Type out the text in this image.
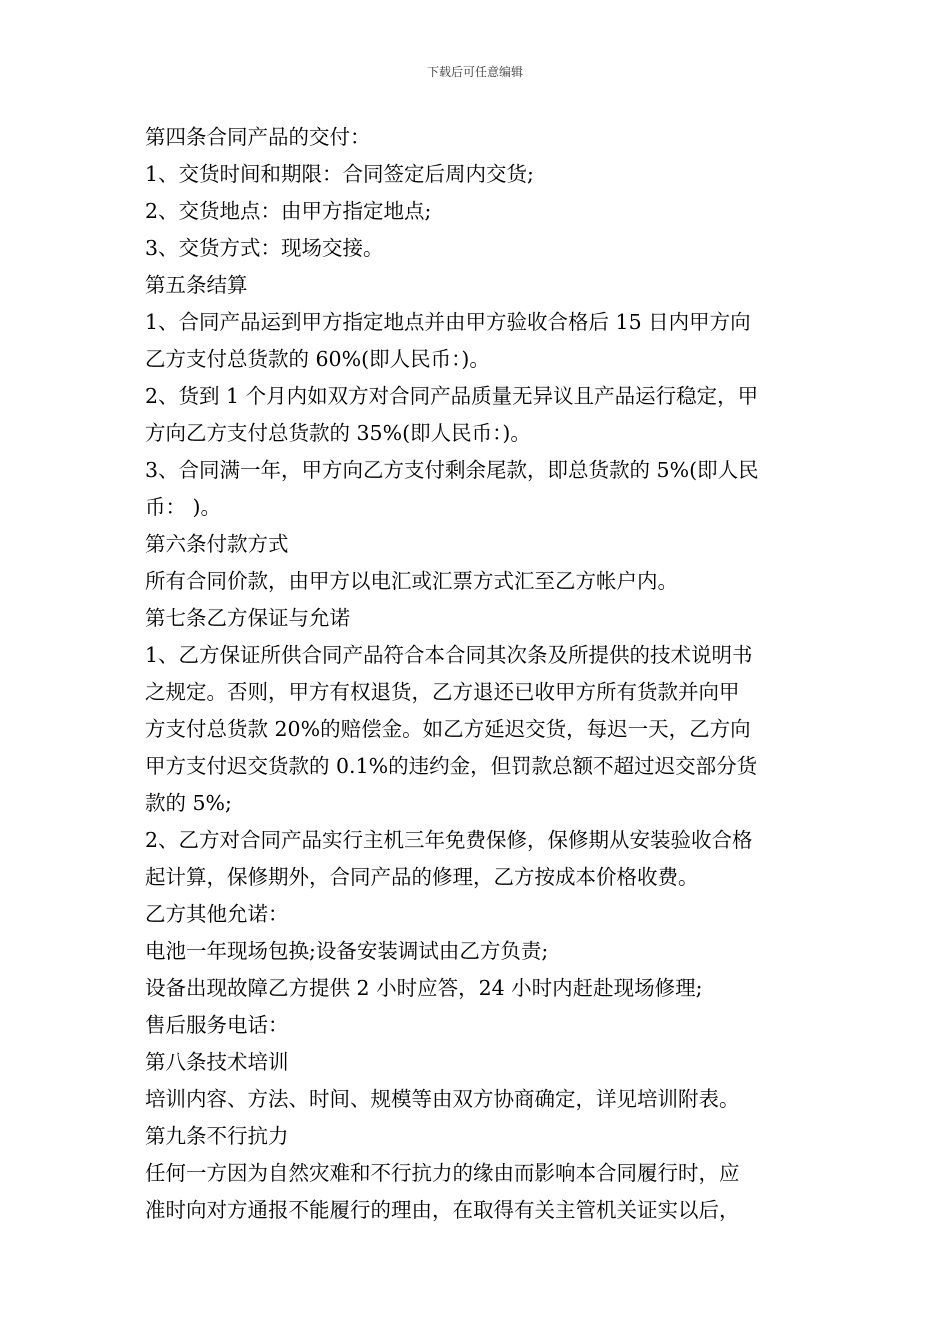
下载后可任意编辑
第四条合同产品的交付：
1、交货时间和期限：合同签定后周内交货;
2、交货地点：由甲方指定地点;
3、交货方式：现场交接。
第五条结算
1、合同产品运到甲方指定地点并由甲方验收合格后 15 日内甲方向
乙方支付总货款的 60%(即人民币：)。
2、货到 1 个月内如双方对合同产品质量无异议且产品运行稳定，甲
方向乙方支付总货款的 35%(即人民币：)。
3、合同满一年，甲方向乙方支付剩余尾款，即总货款的 5%(即人民
币： )。
第六条付款方式
所有合同价款，由甲方以电汇或汇票方式汇至乙方帐户内。
第七条乙方保证与允诺
1、乙方保证所供合同产品符合本合同其次条及所提供的技术说明书
之规定。否则，甲方有权退货，乙方退还已收甲方所有货款并向甲
方支付总货款 20%的赔偿金。如乙方延迟交货，每迟一天，乙方向
甲方支付迟交货款的 0.1%的违约金，但罚款总额不超过迟交部分货
款的 5%;
2、乙方对合同产品实行主机三年免费保修，保修期从安装验收合格
起计算，保修期外，合同产品的修理，乙方按成本价格收费。
乙方其他允诺：
电池一年现场包换;设备安装调试由乙方负责;
设备出现故障乙方提供 2 小时应答，24 小时内赶赴现场修理;
售后服务电话：
第八条技术培训
培训内容、方法、时间、规模等由双方协商确定，详见培训附表。
第九条不行抗力
任何一方因为自然灾难和不行抗力的缘由而影响本合同履行时，应
准时向对方通报不能履行的理由，在取得有关主管机关证实以后，
